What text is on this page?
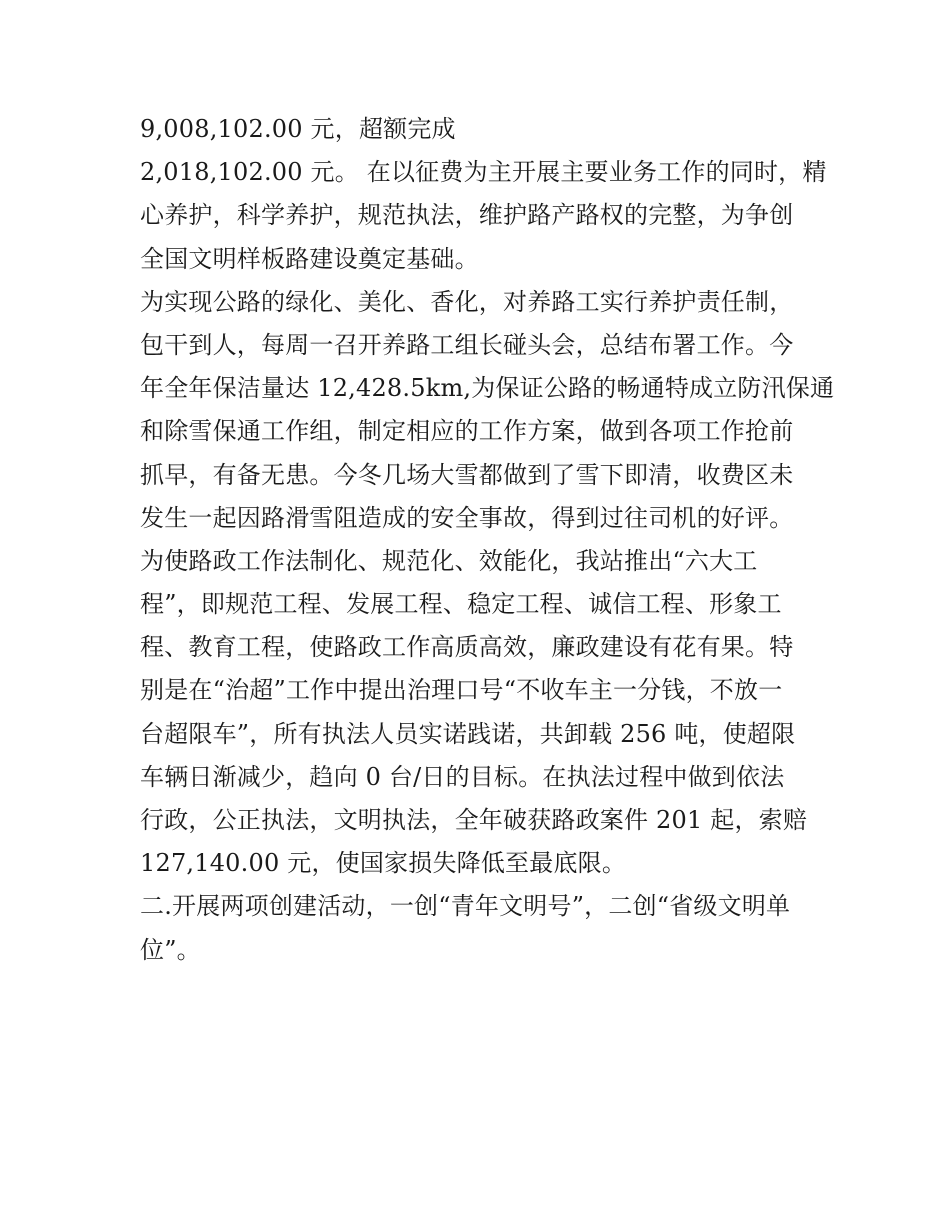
9,008,102.00 元，超额完成
2,018,102.00 元。 在以征费为主开展主要业务工作的同时，精
心养护，科学养护，规范执法，维护路产路权的完整，为争创
全国文明样板路建设奠定基础。
为实现公路的绿化、美化、香化，对养路工实行养护责任制，
包干到人，每周一召开养路工组长碰头会，总结布署工作。今
年全年保洁量达 12,428.5km,为保证公路的畅通特成立防汛保通
和除雪保通工作组，制定相应的工作方案，做到各项工作抢前
抓早，有备无患。今冬几场大雪都做到了雪下即清，收费区未
发生一起因路滑雪阻造成的安全事故，得到过往司机的好评。
为使路政工作法制化、规范化、效能化，我站推出“六大工
程”，即规范工程、发展工程、稳定工程、诚信工程、形象工
程、教育工程，使路政工作高质高效，廉政建设有花有果。特
别是在“治超”工作中提出治理口号“不收车主一分钱，不放一
台超限车”，所有执法人员实诺践诺，共卸载 256 吨，使超限
车辆日渐减少，趋向 0 台/日的目标。在执法过程中做到依法
行政，公正执法，文明执法，全年破获路政案件 201 起，索赔
127,140.00 元，使国家损失降低至最底限。
二.开展两项创建活动，一创“青年文明号”，二创“省级文明单
位”。
